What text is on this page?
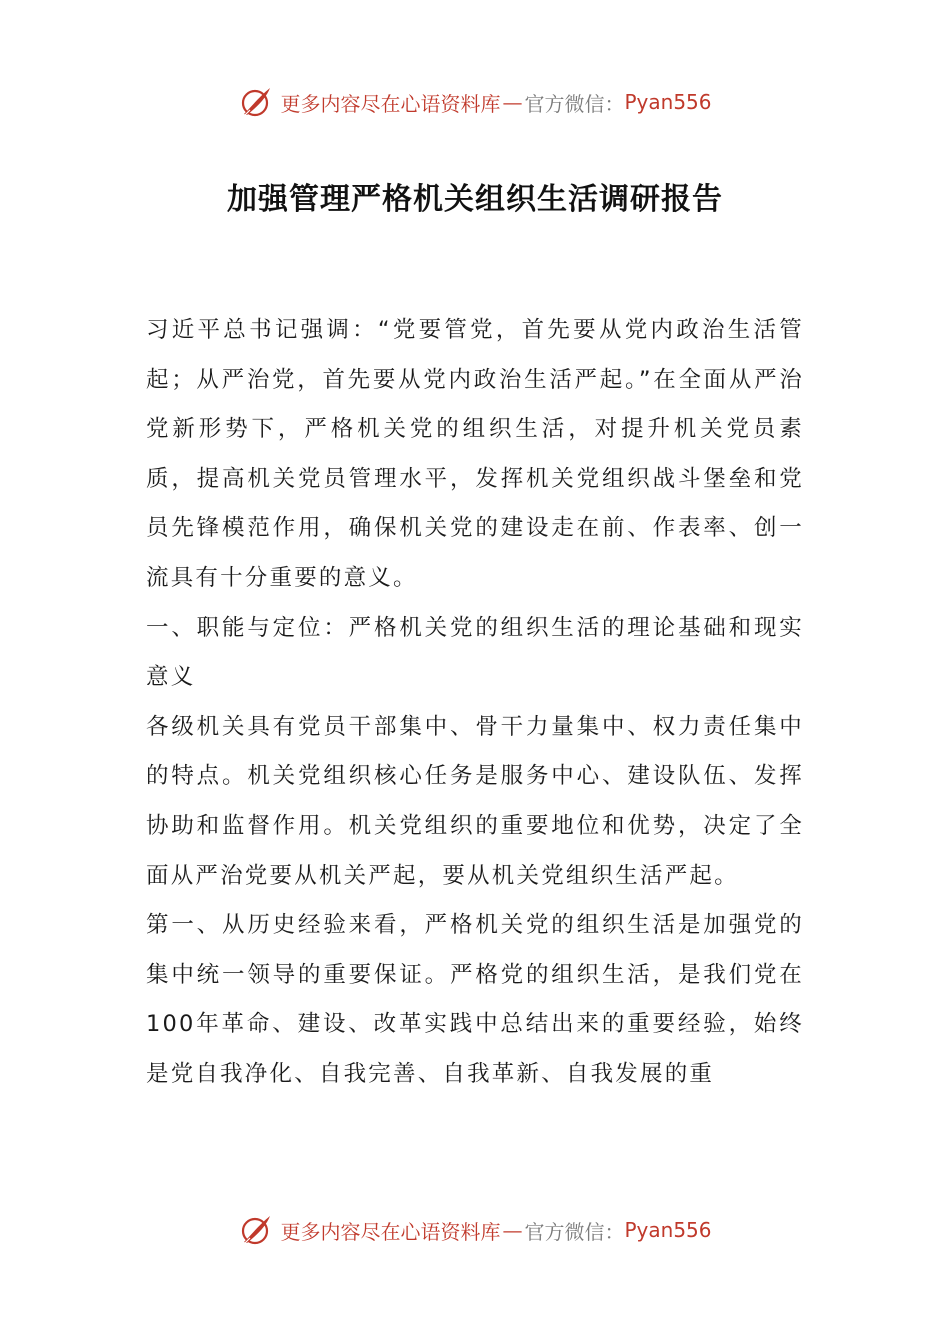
更多内容尽在心语资料库 — 官方微信： Pyan556
加强管理严格机关组织生活调研报告

习近平总书记强调：“党要管党，首先要从党内政治生活管起；从严治党，首先要从党内政治生活严起。”在全面从严治党新形势下，严格机关党的组织生活，对提升机关党员素质，提高机关党员管理水平，发挥机关党组织战斗堡垒和党员先锋模范作用，确保机关党的建设走在前、作表率、创一流具有十分重要的意义。

一、职能与定位：严格机关党的组织生活的理论基础和现实意义

各级机关具有党员干部集中、骨干力量集中、权力责任集中的特点。机关党组织核心任务是服务中心、建设队伍、发挥协助和监督作用。机关党组织的重要地位和优势，决定了全面从严治党要从机关严起，要从机关党组织生活严起。

第一、从历史经验来看，严格机关党的组织生活是加强党的集中统一领导的重要保证。严格党的组织生活，是我们党在100年革命、建设、改革实践中总结出来的重要经验，始终是党自我净化、自我完善、自我革新、自我发展的重

更多内容尽在心语资料库 — 官方微信： Pyan556
